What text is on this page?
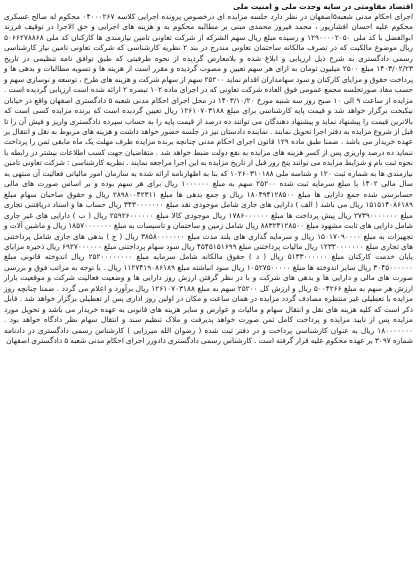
اقتصاد مقاومتی در سایه وحدت ملی و امنیت ملی

اجرای احکام مدنی شعبه۵اصفهان در نظر دارد جلسه مزایده ای درخصوص پرونده اجرایی کلاسه ۰۴۰۰۰۲۶۷ محکوم له صالح عسکری محکوم علیه احسان افشارپور ، محمد فیروز محمدی مبنی بر مطالبه محکوم به و هزینه های اجرایی و حق الاجرا در توقیف فرزند ابوالفضل با کد ملی ۱۲۹۰۰۰۰۲۰۵۰ و رسیده مبلغ ریال سهم الشرکه از شرکت تعاونی تامین نیازمندی ها کارکنان کد ملی ۵۰۶۶۲۷۸۸۶۸ ریال موضوع مالکیت که در تصرف مالکانه ساختمان تعاونی مندرج در بند ۲ نظریه کارشناسی که شرکت تعاونی تامین نیاز کارشناسی رسمی دادگستری به شرح ذیل ارزیابی و ابلاغ شده و بلامعارض گردیده از نحوه ظرفیتی که طبق توافق نامه تنظیمی در تاریخ ۱۴۰۳/۰۲/۲۳ مبلغ ۲۵۰۰ میلیون تومان به ازای هر سهم تعیین و مصوب گردیده و مقرر است از هزینه ها و تسویه مطالبات و بدهی ها و پرداخت حقوق و مزایای کارکنان و سود سهامداران اقدام نماید ۲۵۲۰۰ سهم از سهام شرکت و هزینه های طرح ، توسعه و نوسازی سهم و حسب مفاد صورتجلسه مجمع عمومی فوق العاده شرکت تعاونی که در اجرای ماده ۱۰۲ تبصره ۲ ارائه شده است ارزیابی گردیده است . مزایده از ساعت ۹ الی ۱۰ صبح روز سه شنبه مورخ ۱۴۰۳/۱۰/۲۰ در محل اجرای احکام مدنی شعبه ۵ دادگستری اصفهان واقع در خیابان نیکبخت برگزار خواهد شد و قیمت پایه کارشناسی برای مبلغ ۱۲۶۱۰۷۰۳۱۸۸ ریال تعیین گردیده است که برنده مزایده کسی است که بالاترین قیمت را پیشنهاد نماید و پیشنهاد دهندگان می توانند ده درصد از قیمت پایه را به حساب سپرده دادگستری واریز و فیش آن را تا قبل از شروع مزایده به دفتر اجرا تحویل نمایند . نماینده دادستان نیز در جلسه حضور خواهد داشت و هزینه های مربوط به نقل و انتقال بر عهده خریدار می باشد . ضمنا طبق ماده ۱۲۹ قانون اجرای احکام مدنی چنانچه برنده مزایده ظرف مهلت یک ماه مابقی ثمن را پرداخت ننماید ده درصد واریزی پس از کسر هزینه های مزایده به نفع دولت ضبط خواهد شد . متقاضیان جهت کسب اطلاعات بیشتر در رابطه با نحوه ثبت نام و شرایط مزایده می توانند پنج روز قبل از تاریخ مزایده به این اجرا مراجعه نمایند . نظریه کارشناسی : شرکت تعاونی تامین نیازمندی ها به شماره ثبت ۱۲۰ و شناسه ملی ۱۰۲۶۰۳۱۰۱۸۸ که بنا به اظهارنامه ارائه شده به سازمان امور مالیاتی فعالیت آن منتهی به سال مالی ۱۴۰۲ با مبلغ سرمایه ثبت شده ۲۵۲۰۰ سهم به مبلغ ۱۰۰۰۰۰۰ ریال برای هر سهم بوده و بر اساس صورت های مالی حسابرسی شده جمع دارایی ها مبلغ ۱۸۰۴۹۴۱۲۸۵۰۰ ریال و جمع بدهی ها مبلغ ۲۸۹۸۰۰۴۲۳۱۱ ریال و حقوق صاحبان سهام مبلغ ۱۵۱۵۱۴۰۸۶۱۸۹ ریال می باشد ( الف ) دارایی های جاری شامل موجودی نقد مبلغ ۳۴۳۰۰۰۰۰۰۰ ریال حساب ها و اسناد دریافتنی تجاری مبلغ ۲۷۳۹۰۰۰۰۰۰۰ ریال پیش پرداخت ها مبلغ ۱۷۸۶۰۰۰۰۰۰ ریال موجودی کالا مبلغ ۲۵۹۲۶۰۰۰۰۰۰ ریال ( ب ) دارایی های غیر جاری شامل دارایی های ثابت مشهود مبلغ ۸۸۳۲۴۱۲۸۵۰۰ ریال شامل زمین و ساختمان و تاسیسات به مبلغ ۱۸۵۷۰۰۰۰۰۰۰ ریال و ماشین آلات و تجهیزات به مبلغ ۱۵۰۱۷۰۹۰۰۰۰ ریال و سرمایه گذاری های بلند مدت مبلغ ۳۸۵۸۰۰۰۰۰۰۰ ریال ( ج ) بدهی های جاری شامل پرداختنی های تجاری مبلغ ۱۲۳۳۰۰۰۰۰۰۰ ریال مالیات پرداختنی مبلغ ۴۵۴۵۱۵۱۶۹۹ ریال سود سهام پرداختنی مبلغ ۶۹۲۷۰۰۰۰۰۰ ریال ذخیره مزایای پایان خدمت کارکنان مبلغ ۵۱۳۳۰۰۰۰۰۰ ریال ( د ) حقوق مالکانه شامل سرمایه مبلغ ۲۵۲۰۰۰۰۰۰۰۰ ریال اندوخته قانونی مبلغ ۳۰۴۵۰۰۰۰۰۰ ریال سایر اندوخته ها مبلغ ۱۰۵۲۷۵۰۰۰۰۰ ریال سود انباشته مبلغ ۱۱۲۷۴۱۹۰۸۶۱۸۹ ریال . با توجه به مراتب فوق و بررسی صورت های مالی و دارایی ها و بدهی های شرکت و با در نظر گرفتن ارزش روز دارایی ها و وضعیت فعالیت شرکت و موقعیت بازار ارزش هر سهم به مبلغ ۵۰۰۴۲۶۶ ریال و ارزش کل ۲۵۲۰۰ سهم به مبلغ ۱۲۶۱۰۷۰۳۱۸۸ ریال برآورد و اعلام می گردد . ضمنا چنانچه روز مزایده با تعطیلی غیر منتظره مصادف گردد مزایده در همان ساعت و مکان در اولین روز اداری پس از تعطیلی برگزار خواهد شد . قابل ذکر است که کلیه هزینه های نقل و انتقال سهام و مالیات و عوارض و سایر هزینه های قانونی به عهده خریدار می باشد و تحویل مورد مزایده پس از تایید مزایده و پرداخت کامل ثمن صورت خواهد پذیرفت و ملاک تنظیم سند و انتقال سهام نظر دادگاه خواهد بود . ۱۸۰۰۰۰۰۰۰ ریال به عنوان کارشناسی پرداخت و در دفتر ثبت شده ( رضوان الله میرزایی ) کارشناس رسمی دادگستری در دادنامه شماره ۳۰۹۷ بر عهده محکوم علیه قرار گرفته است . کارشناس رسمی دادگستری دادورز اجرای احکام مدنی شعبه ۵ دادگستری اصفهان
